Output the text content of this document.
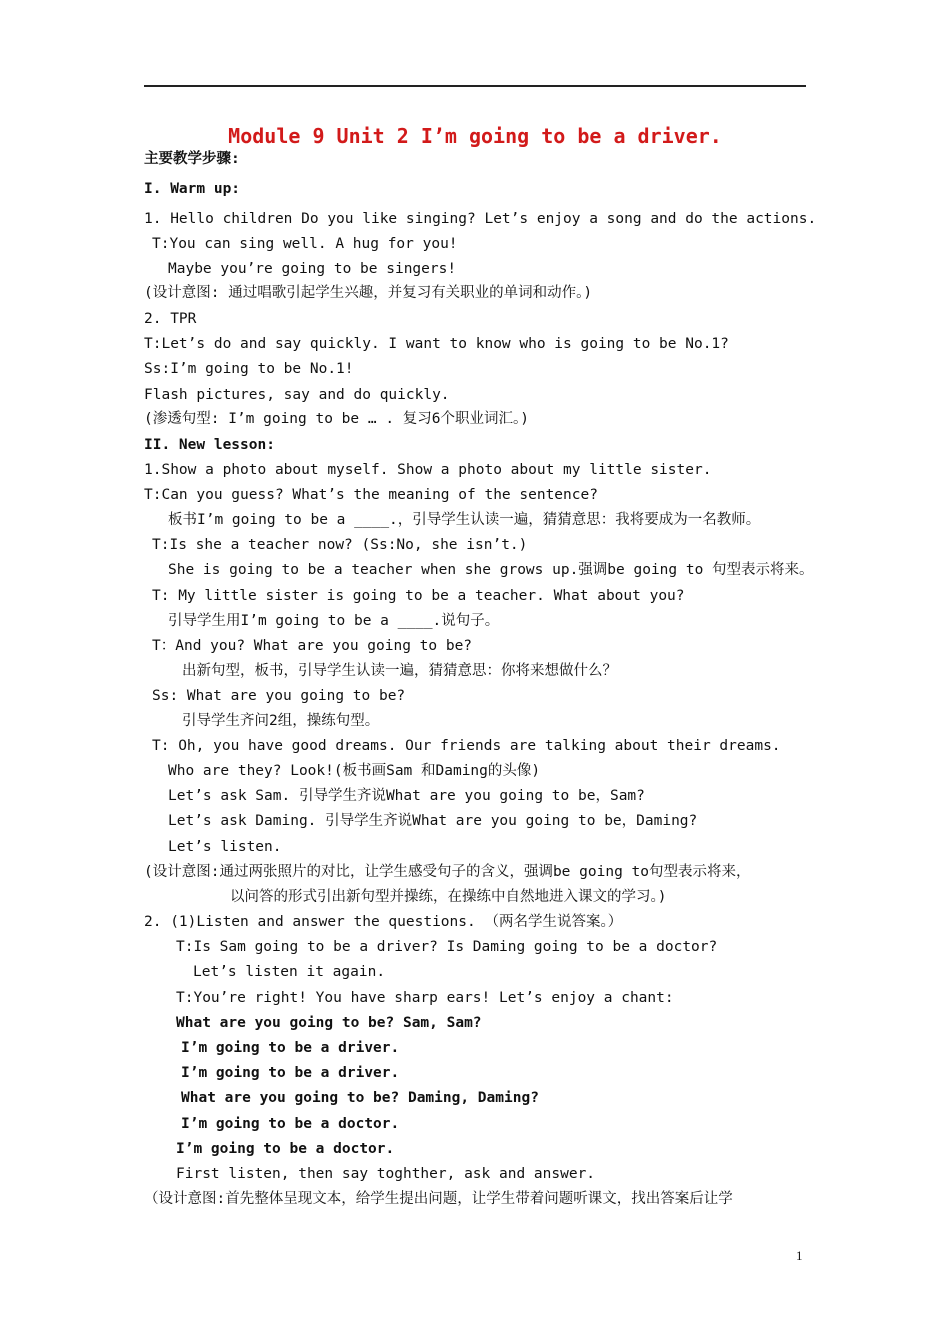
Module 9 Unit 2 I’m going to be a driver.
主要教学步骤:
I. Warm up:
1. Hello children Do you like singing? Let’s enjoy a song and do the actions.
T:You can sing well. A hug for you!
Maybe you’re going to be singers!
(设计意图: 通过唱歌引起学生兴趣，并复习有关职业的单词和动作。)
2. TPR
T:Let’s do and say quickly. I want to know who is going to be No.1?
Ss:I’m going to be No.1!
Flash pictures, say and do quickly.
(渗透句型: I’m going to be … . 复习6个职业词汇。)
II. New lesson:
1.Show a photo about myself. Show a photo about my little sister.
T:Can you guess? What’s the meaning of the sentence?
板书I’m going to be a ____.，引导学生认读一遍，猜猜意思：我将要成为一名教师。
T:Is she a teacher now? (Ss:No, she isn’t.)
She is going to be a teacher when she grows up.强调be going to 句型表示将来。
T: My little sister is going to be a teacher. What about you?
引导学生用I’m going to be a ____.说句子。
T：And you? What are you going to be?
出新句型，板书，引导学生认读一遍，猜猜意思：你将来想做什么？
Ss: What are you going to be?
引导学生齐问2组，操练句型。
T: Oh, you have good dreams. Our friends are talking about their dreams.
Who are they? Look!(板书画Sam 和Daming的头像)
Let’s ask Sam. 引导学生齐说What are you going to be，Sam?
Let’s ask Daming. 引导学生齐说What are you going to be，Daming?
Let’s listen.
(设计意图:通过两张照片的对比，让学生感受句子的含义，强调be going to句型表示将来，
以问答的形式引出新句型并操练，在操练中自然地进入课文的学习。)
2. (1)Listen and answer the questions. （两名学生说答案。）
T:Is Sam going to be a driver? Is Daming going to be a doctor?
Let’s listen it again.
T:You’re right! You have sharp ears! Let’s enjoy a chant:
What are you going to be? Sam, Sam?
I’m going to be a driver.
I’m going to be a driver.
What are you going to be? Daming, Daming?
I’m going to be a doctor.
I’m going to be a doctor.
First listen, then say toghther, ask and answer.
（设计意图:首先整体呈现文本，给学生提出问题，让学生带着问题听课文，找出答案后让学
1
